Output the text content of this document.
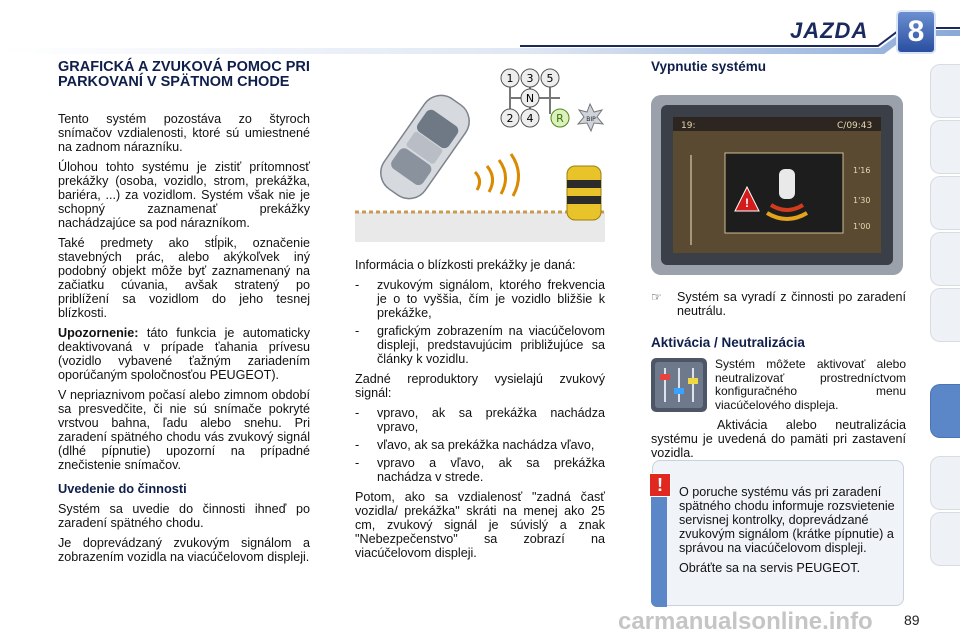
JAZDA	8
GRAFICKÁ A ZVUKOVÁ POMOC PRI PARKOVANÍ V SPÄTNOM CHODE

Tento systém pozostáva zo štyroch snímačov vzdialenosti, ktoré sú umiestnené na zadnom nárazníku.

Úlohou tohto systému je zistiť prítomnosť prekážky (osoba, vozidlo, strom, prekážka, bariéra, ...) za vozidlom. Systém však nie je schopný zaznamenať prekážky nachádzajúce sa pod nárazníkom.

Také predmety ako stĺpik, označenie stavebných prác, alebo akýkoľvek iný podobný objekt môže byť zaznamenaný na začiatku cúvania, avšak stratený po priblížení sa vozidlom do jeho tesnej blízkosti.

Upozornenie: táto funkcia je automaticky deaktivovaná v prípade ťahania prívesu (vozidlo vybavené ťažným zariadením oporúčaným spoločnosťou PEUGEOT).

V nepriaznivom počasí alebo zimnom období sa presvedčite, či nie sú snímače pokryté vrstvou bahna, ľadu alebo snehu. Pri zaradení spätného chodu vás zvukový signál (dlhé pípnutie) upozorní na prípadné znečistenie snímačov.

Uvedenie do činnosti

Systém sa uvedie do činnosti ihneď po zaradení spätného chodu.

Je doprevádzaný zvukovým signálom a zobrazením vozidla na viacúčelovom displeji.

1 3 5
N
2 4 R	BIP

Informácia o blízkosti prekážky je daná:

- zvukovým signálom, ktorého frekvencia je o to vyššia, čím je vozidlo bližšie k prekážke,
- grafickým zobrazením na viacúčelovom displeji, predstavujúcim približujúce sa články k vozidlu.

Zadné reproduktory vysielajú zvukový signál:

- vpravo, ak sa prekážka nachádza vpravo,
- vľavo, ak sa prekážka nachádza vľavo,
- vpravo a vľavo, ak sa prekážka nachádza v strede.

Potom, ako sa vzdialenosť "zadná časť vozidla/ prekážka" skráti na menej ako 25 cm, zvukový signál je súvislý a znak "Nebezpečenstvo" sa zobrazí na viacúčelovom displeji.

Vypnutie systému
19:	C/09:43
!
1'16
1'30
1'00
☞ Systém sa vyradí z činnosti po zaradení neutrálu.
Aktivácia / Neutralizácia

Systém môžete aktivovať alebo neutralizovať prostredníctvom konfiguračného menu viacúčelového displeja.

Aktivácia alebo neutralizácia systému je uvedená do pamäti pri zastavení vozidla.

!	O poruche systému vás pri zaradení spätného chodu informuje rozsvietenie servisnej kontrolky, doprevádzané zvukovým signálom (krátke pípnutie) a správou na viacúčelovom displeji.

Obráťte sa na servis PEUGEOT.

carmanualsonline.info 89
